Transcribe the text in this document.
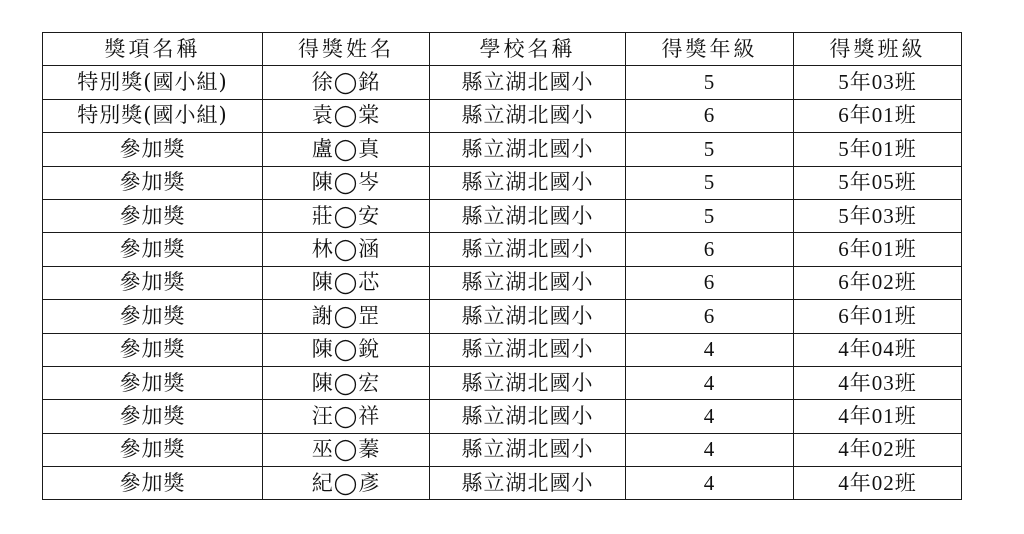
獎項名稱	得獎姓名	學校名稱	得獎年級	得獎班級
特別獎(國小組)	徐◯銘	縣立湖北國小	5	5年03班
特別獎(國小組)	袁◯棠	縣立湖北國小	6	6年01班
參加獎	盧◯真	縣立湖北國小	5	5年01班
參加獎	陳◯岑	縣立湖北國小	5	5年05班
參加獎	莊◯安	縣立湖北國小	5	5年03班
參加獎	林◯涵	縣立湖北國小	6	6年01班
參加獎	陳◯芯	縣立湖北國小	6	6年02班
參加獎	謝◯罡	縣立湖北國小	6	6年01班
參加獎	陳◯銳	縣立湖北國小	4	4年04班
參加獎	陳◯宏	縣立湖北國小	4	4年03班
參加獎	汪◯祥	縣立湖北國小	4	4年01班
參加獎	巫◯蓁	縣立湖北國小	4	4年02班
參加獎	紀◯彥	縣立湖北國小	4	4年02班
